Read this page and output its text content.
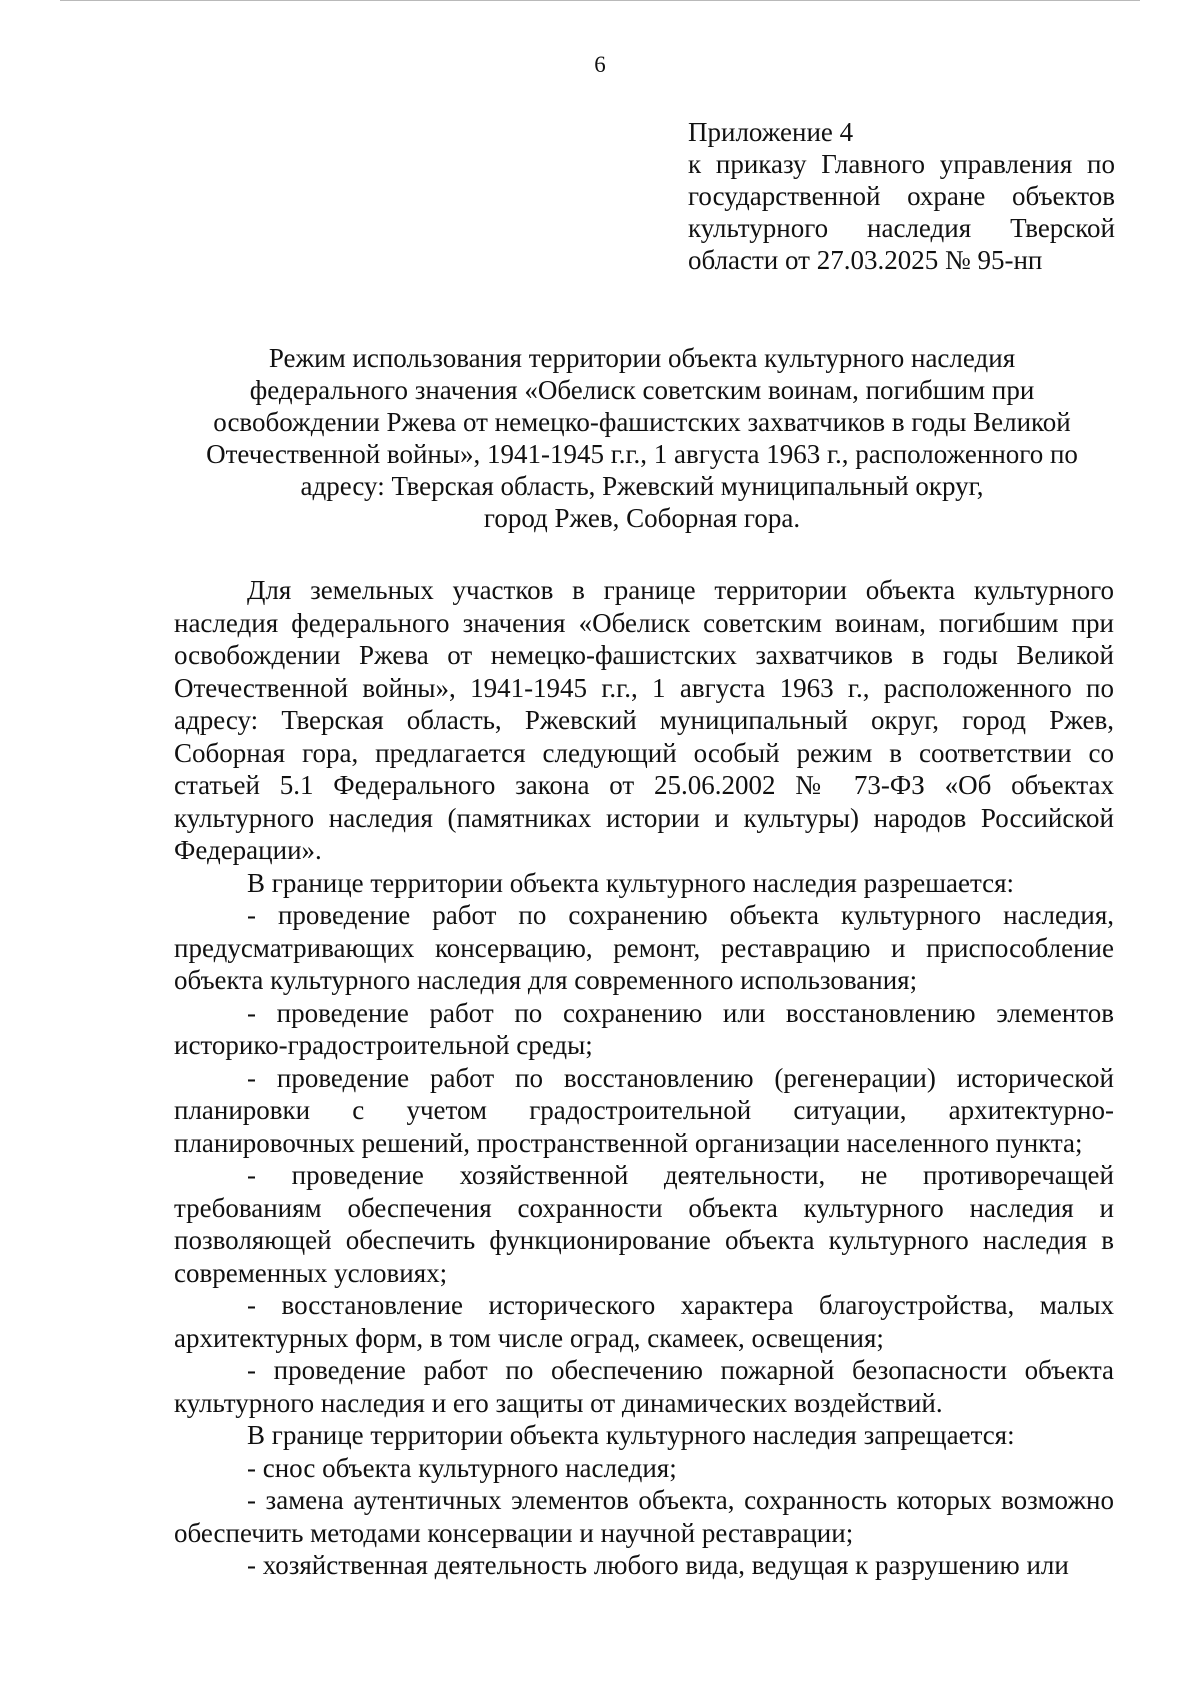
6
Приложение 4
к приказу Главного управления по государственной охране объектов культурного наследия Тверской области от 27.03.2025 № 95-нп
Режим использования территории объекта культурного наследия
федерального значения «Обелиск советским воинам, погибшим при
освобождении Ржева от немецко-фашистских захватчиков в годы Великой
Отечественной войны», 1941-1945 г.г., 1 августа 1963 г., расположенного по
адресу: Тверская область, Ржевский муниципальный округ,
город Ржев, Соборная гора.

Для земельных участков в границе территории объекта культурного наследия федерального значения «Обелиск советским воинам, погибшим при освобождении Ржева от немецко-фашистских захватчиков в годы Великой Отечественной войны», 1941-1945 г.г., 1 августа 1963 г., расположенного по адресу: Тверская область, Ржевский муниципальный округ, город Ржев, Соборная гора, предлагается следующий особый режим в соответствии со статьей 5.1 Федерального закона от 25.06.2002 № 73-ФЗ «Об объектах культурного наследия (памятниках истории и культуры) народов Российской Федерации».

В границе территории объекта культурного наследия разрешается:

- проведение работ по сохранению объекта культурного наследия, предусматривающих консервацию, ремонт, реставрацию и приспособление объекта культурного наследия для современного использования;

- проведение работ по сохранению или восстановлению элементов историко-градостроительной среды;

- проведение работ по восстановлению (регенерации) исторической планировки с учетом градостроительной ситуации, архитектурно-планировочных решений, пространственной организации населенного пункта;

- проведение хозяйственной деятельности, не противоречащей требованиям обеспечения сохранности объекта культурного наследия и позволяющей обеспечить функционирование объекта культурного наследия в современных условиях;

- восстановление исторического характера благоустройства, малых архитектурных форм, в том числе оград, скамеек, освещения;

- проведение работ по обеспечению пожарной безопасности объекта культурного наследия и его защиты от динамических воздействий.

В границе территории объекта культурного наследия запрещается:

- снос объекта культурного наследия;

- замена аутентичных элементов объекта, сохранность которых возможно обеспечить методами консервации и научной реставрации;

- хозяйственная деятельность любого вида, ведущая к разрушению или
